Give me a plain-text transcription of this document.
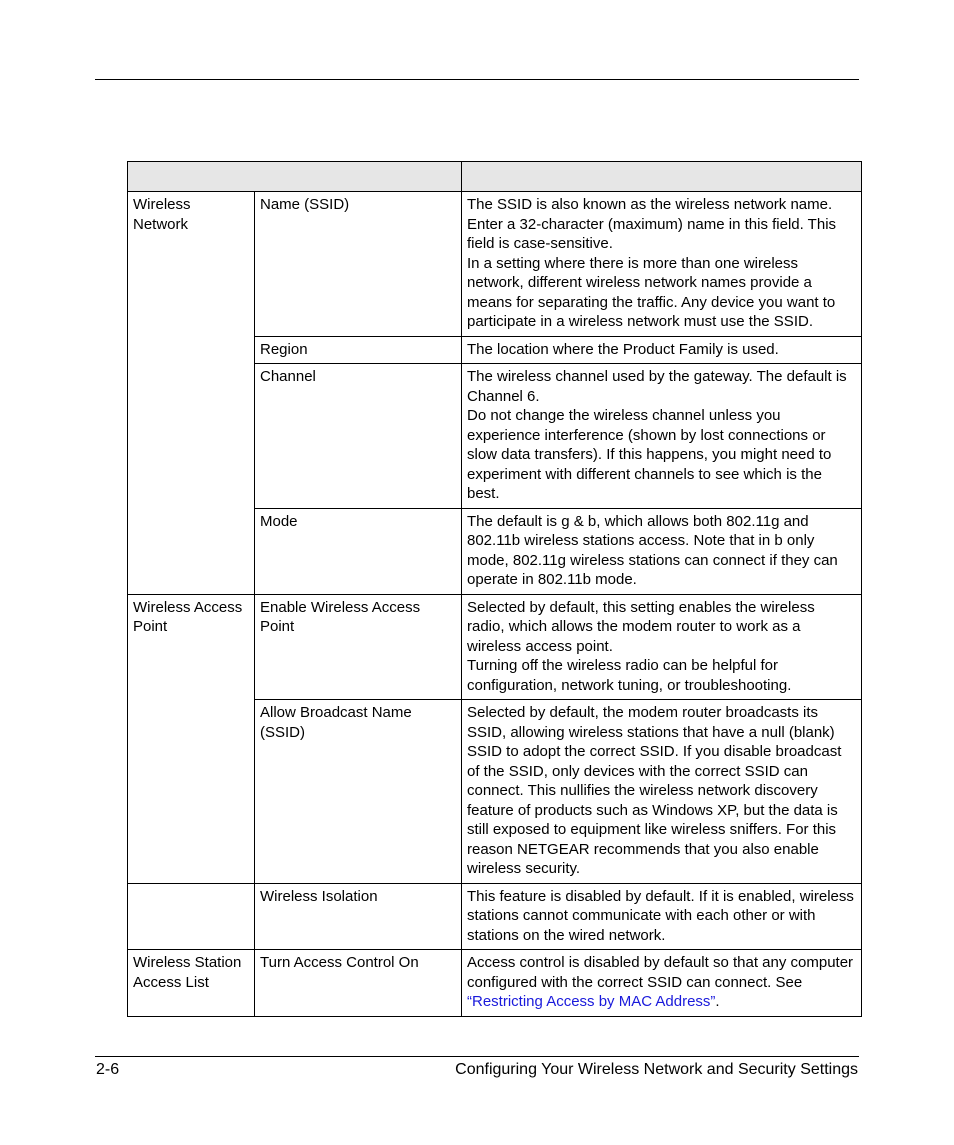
Wireless Network	Name (SSID)	The SSID is also known as the wireless network name. Enter a 32-character (maximum) name in this field. This field is case-sensitive.

In a setting where there is more than one wireless network, different wireless network names provide a means for separating the traffic. Any device you want to participate in a wireless network must use the SSID.

	Region	The location where the Product Family is used.

	Channel	The wireless channel used by the gateway. The default is Channel 6.

Do not change the wireless channel unless you experience interference (shown by lost connections or slow data transfers). If this happens, you might need to experiment with different channels to see which is the best.

	Mode	The default is g & b, which allows both 802.11g and 802.11b wireless stations access. Note that in b only mode, 802.11g wireless stations can connect if they can operate in 802.11b mode.

Wireless Access Point	Enable Wireless Access Point	Selected by default, this setting enables the wireless radio, which allows the modem router to work as a wireless access point.

Turning off the wireless radio can be helpful for configuration, network tuning, or troubleshooting.

	Allow Broadcast Name (SSID)	Selected by default, the modem router broadcasts its SSID, allowing wireless stations that have a null (blank) SSID to adopt the correct SSID. If you disable broadcast of the SSID, only devices with the correct SSID can connect. This nullifies the wireless network discovery feature of products such as Windows XP, but the data is still exposed to equipment like wireless sniffers. For this reason NETGEAR recommends that you also enable wireless security.

	Wireless Isolation	This feature is disabled by default. If it is enabled, wireless stations cannot communicate with each other or with stations on the wired network.

Wireless Station Access List	Turn Access Control On	Access control is disabled by default so that any computer configured with the correct SSID can connect. See “Restricting Access by MAC Address”.
2-6	Configuring Your Wireless Network and Security Settings
